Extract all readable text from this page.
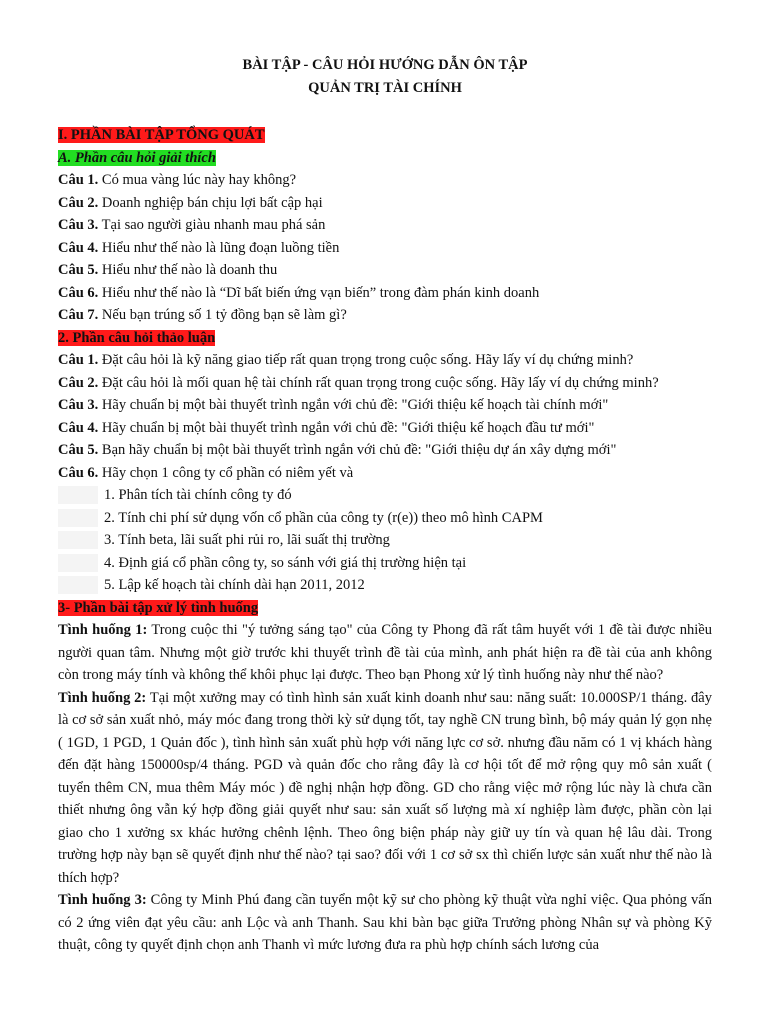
BÀI TẬP - CÂU HỎI HƯỚNG DẪN ÔN TẬP
QUẢN TRỊ TÀI CHÍNH
I. PHẦN BÀI TẬP TỔNG QUÁT
A. Phần câu hỏi giải thích
Câu 1. Có mua vàng lúc này hay không?
Câu 2. Doanh nghiệp bán chịu lợi bất cập hại
Câu 3. Tại sao người giàu nhanh mau phá sản
Câu 4. Hiểu như thế nào là lũng đoạn luồng tiền
Câu 5. Hiểu như thế nào là doanh thu
Câu 6. Hiểu như thế nào là “Dĩ bất biến ứng vạn biến” trong đàm phán kinh doanh
Câu 7. Nếu bạn trúng số 1 tỷ đồng bạn sẽ làm gì?
2. Phần câu hỏi thảo luận
Câu 1. Đặt câu hỏi là kỹ năng giao tiếp rất quan trọng trong cuộc sống. Hãy lấy ví dụ chứng minh?
Câu 2. Đặt câu hỏi là mối quan hệ tài chính rất quan trọng trong cuộc sống. Hãy lấy ví dụ chứng minh?
Câu 3. Hãy chuẩn bị một bài thuyết trình ngắn với chủ đề: "Giới thiệu kế hoạch tài chính mới"
Câu 4. Hãy chuẩn bị một bài thuyết trình ngắn với chủ đề: "Giới thiệu kế hoạch đầu tư mới"
Câu 5. Bạn hãy chuẩn bị một bài thuyết trình ngắn với chủ đề: "Giới thiệu dự án xây dựng mới"
Câu 6. Hãy chọn 1 công ty cổ phần có niêm yết và
1. Phân tích tài chính công ty đó
2. Tính chi phí sử dụng vốn cổ phần của công ty (r(e)) theo mô hình CAPM
3. Tính beta, lãi suất phi rủi ro, lãi suất thị trường
4. Định giá cổ phần công ty, so sánh với giá thị trường hiện tại
5. Lập kế hoạch tài chính dài hạn 2011, 2012
3- Phần bài tập xử lý tình huống
Tình huống 1: Trong cuộc thi "ý tưởng sáng tạo" của Công ty Phong đã rất tâm huyết với 1 đề tài được nhiều người quan tâm. Nhưng một giờ trước khi thuyết trình đề tài của mình, anh phát hiện ra đề tài của anh không còn trong máy tính và không thể khôi phục lại được. Theo bạn Phong xử lý tình huống này như thế nào?
Tình huống 2: Tại một xưởng may có tình hình sản xuất kinh doanh như sau: năng suất: 10.000SP/1 tháng. đây là cơ sở sản xuất nhỏ, máy móc đang trong thời kỳ sử dụng tốt, tay nghề CN trung bình, bộ máy quản lý gọn nhẹ ( 1GD, 1 PGD, 1 Quản đốc ), tình hình sản xuất phù hợp với năng lực cơ sở. nhưng đầu năm có 1 vị khách hàng đến đặt hàng 150000sp/4 tháng. PGD và quản đốc cho rằng đây là cơ hội tốt để mở rộng quy mô sản xuất ( tuyển thêm CN, mua thêm Máy móc ) đề nghị nhận hợp đồng. GD cho rằng việc mở rộng lúc này là chưa cần thiết nhưng ông vẫn ký hợp đồng giải quyết như sau: sản xuất số lượng mà xí nghiệp làm được, phần còn lại giao cho 1 xưởng sx khác hưởng chênh lệnh. Theo ông biện pháp này giữ uy tín và quan hệ lâu dài. Trong trường hợp này bạn sẽ quyết định như thế nào? tại sao? đối với 1 cơ sở sx thì chiến lược sản xuất như thế nào là thích hợp?
Tình huống 3: Công ty Minh Phú đang cần tuyển một kỹ sư cho phòng kỹ thuật vừa nghỉ việc. Qua phỏng vấn có 2 ứng viên đạt yêu cầu: anh Lộc và anh Thanh. Sau khi bàn bạc giữa Trưởng phòng Nhân sự và phòng Kỹ thuật, công ty quyết định chọn anh Thanh vì mức lương đưa ra phù hợp chính sách lương của
